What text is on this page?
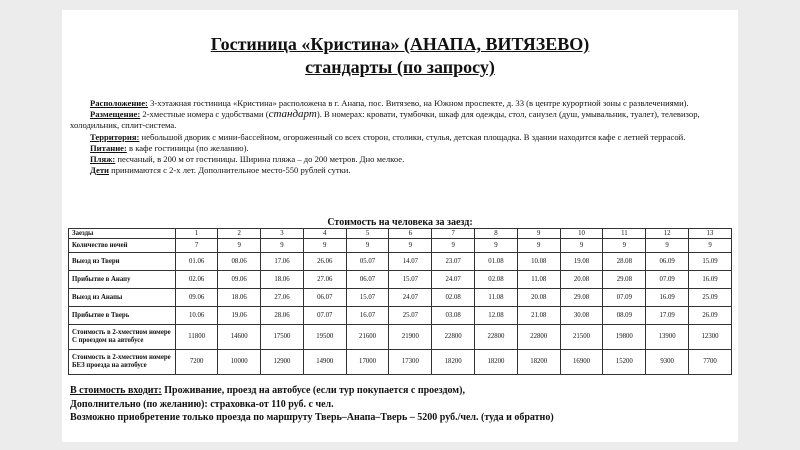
Гостиница «Кристина» (АНАПА, ВИТЯЗЕВО)
стандарты (по запросу)

Расположение: 3-хэтажная гостиница «Кристина» расположена в г. Анапа, пос. Витязево, на Южном проспекте, д. 33 (в центре курортной зоны с развлечениями).

Размещение: 2-хместные номера с удобствами (стандарт). В номерах: кровати, тумбочки, шкаф для одежды, стол, санузел (душ, умывальник, туалет), телевизор, холодильник, сплит-система.

Территория: небольшой дворик с мини-бассейном, огороженный со всех сторон, столики, стулья, детская площадка. В здании находится кафе с летней террасой.

Питание: в кафе гостиницы (по желанию).

Пляж: песчаный, в 200 м от гостиницы. Ширина пляжа – до 200 метров. Дно мелкое.

Дети принимаются с 2-х лет. Дополнительное место-550 рублей сутки.

Стоимость на человека за заезд:
Заезды	1	2	3	4	5	6	7	8	9	10	11	12	13
Количество ночей	7	9	9	9	9	9	9	9	9	9	9	9	9
Выезд из Твери	01.06	08.06	17.06	26.06	05.07	14.07	23.07	01.08	10.08	19.08	28.08	06.09	15.09
Прибытие в Анапу	02.06	09.06	18.06	27.06	06.07	15.07	24.07	02.08	11.08	20.08	29.08	07.09	16.09
Выезд из Анапы	09.06	18.06	27.06	06.07	15.07	24.07	02.08	11.08	20.08	29.08	07.09	16.09	25.09
Прибытие в Тверь	10.06	19.06	28.06	07.07	16.07	25.07	03.08	12.08	21.08	30.08	08.09	17.09	26.09
Стоимость в 2-хместном номере С проездом на автобусе	11800	14600	17500	19500	21600	21900	22800	22800	22800	21500	19800	13900	12300
Стоимость в 2-хместном номере БЕЗ проезда на автобусе	7200	10000	12900	14900	17000	17300	18200	18200	18200	16900	15200	9300	7700

В стоимость входит: Проживание, проезд на автобусе (если тур покупается с проездом),

Дополнительно (по желанию): страховка-от 110 руб. с чел.

Возможно приобретение только проезда по маршруту Тверь–Анапа–Тверь – 5200 руб./чел. (туда и обратно)
